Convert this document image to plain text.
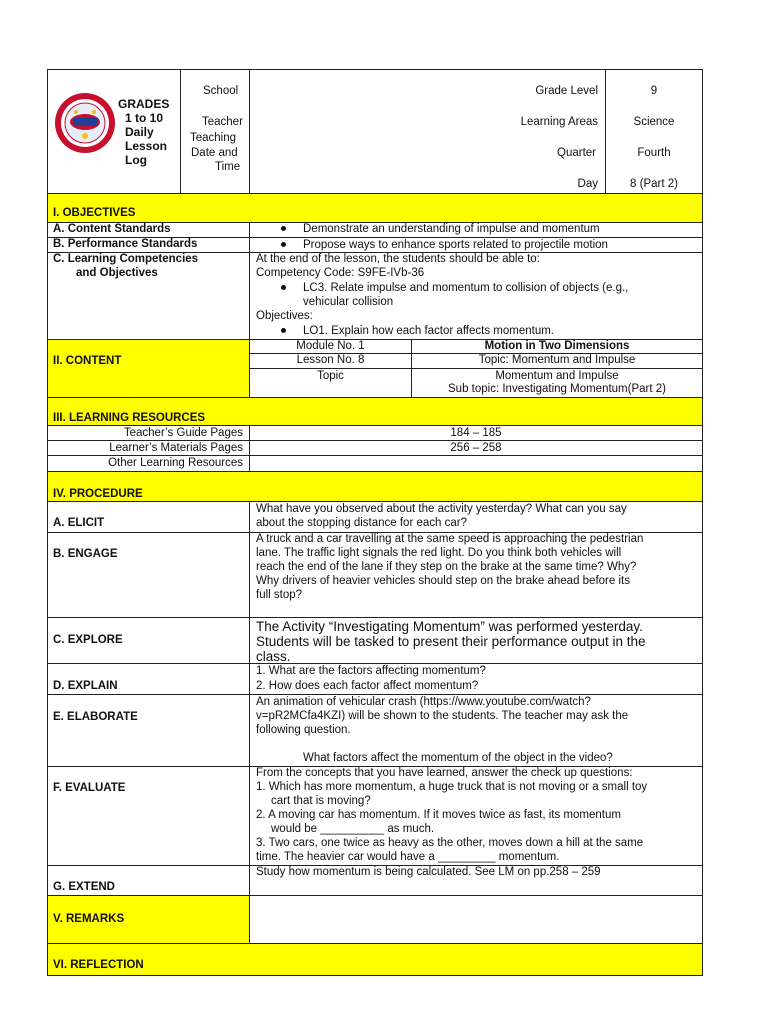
GRADES
1 to 10
Daily
Lesson
Log
School
Teacher
Teaching
Date and
Time
Grade Level	9
Learning Areas	Science
Quarter	Fourth
Day	8 (Part 2)
I. OBJECTIVES
A. Content Standards	Demonstrate an understanding of impulse and momentum
B. Performance Standards	Propose ways to enhance sports related to projectile motion
C. Learning Competencies
and Objectives
At the end of the lesson, the students should be able to:
Competency Code: S9FE-IVb-36
LC3. Relate impulse and momentum to collision of objects (e.g.,
vehicular collision
Objectives:
LO1. Explain how each factor affects momentum.
II. CONTENT
Module No. 1	Motion in Two Dimensions
Lesson No. 8	Topic: Momentum and Impulse
Topic	Momentum and Impulse
Sub topic: Investigating Momentum(Part 2)
III. LEARNING RESOURCES
Teacher’s Guide Pages	184 – 185
Learner’s Materials Pages	256 – 258
Other Learning Resources
IV. PROCEDURE
A. ELICIT
What have you observed about the activity yesterday? What can you say
about the stopping distance for each car?
B. ENGAGE
A truck and a car travelling at the same speed is approaching the pedestrian
lane. The traffic light signals the red light. Do you think both vehicles will
reach the end of the lane if they step on the brake at the same time? Why?
Why drivers of heavier vehicles should step on the brake ahead before its
full stop?
C. EXPLORE
The Activity “Investigating Momentum” was performed yesterday.
Students will be tasked to present their performance output in the
class.
D. EXPLAIN
1. What are the factors affecting momentum?
2. How does each factor affect momentum?
E. ELABORATE
An animation of vehicular crash (https://www.youtube.com/watch?
v=pR2MCfa4KZI) will be shown to the students. The teacher may ask the
following question.
What factors affect the momentum of the object in the video?
F. EVALUATE
From the concepts that you have learned, answer the check up questions:
1. Which has more momentum, a huge truck that is not moving or a small toy
cart that is moving?
2. A moving car has momentum. If it moves twice as fast, its momentum
would be __________ as much.
3. Two cars, one twice as heavy as the other, moves down a hill at the same
time. The heavier car would have a _________ momentum.
G. EXTEND
Study how momentum is being calculated. See LM on pp.258 – 259
V. REMARKS
VI. REFLECTION
